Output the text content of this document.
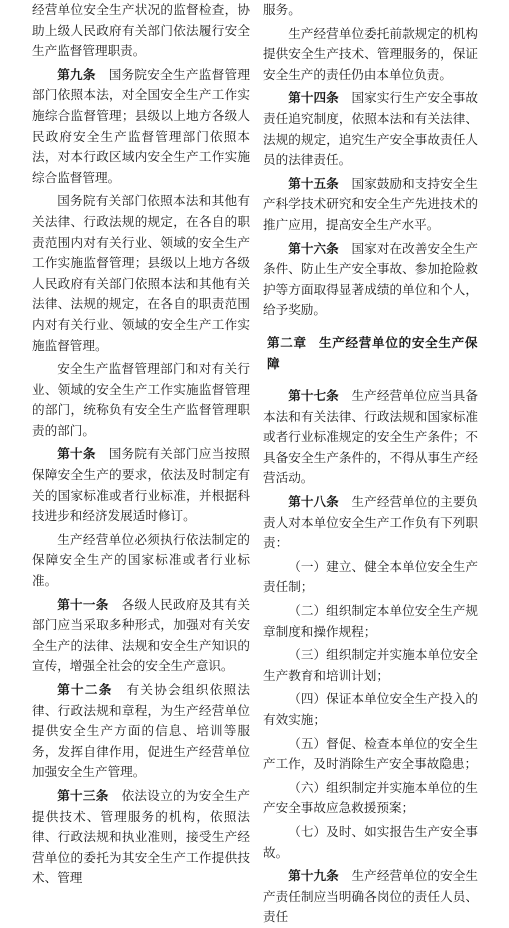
经营单位安全生产状况的监督检查，协助上级人民政府有关部门依法履行安全生产监督管理职责。

第九条　 国务院安全生产监督管理部门依照本法，对全国安全生产工作实施综合监督管理；县级以上地方各级人民政府安全生产监督管理部门依照本法，对本行政区域内安全生产工作实施综合监督管理。

国务院有关部门依照本法和其他有关法律、行政法规的规定，在各自的职责范围内对有关行业、领域的安全生产工作实施监督管理；县级以上地方各级人民政府有关部门依照本法和其他有关法律、法规的规定，在各自的职责范围内对有关行业、领域的安全生产工作实施监督管理。

安全生产监督管理部门和对有关行业、领域的安全生产工作实施监督管理的部门，统称负有安全生产监督管理职责的部门。

第十条　 国务院有关部门应当按照保障安全生产的要求，依法及时制定有关的国家标准或者行业标准，并根据科技进步和经济发展适时修订。

生产经营单位必须执行依法制定的保障安全生产的国家标准或者行业标准。

第十一条　 各级人民政府及其有关部门应当采取多种形式，加强对有关安全生产的法律、法规和安全生产知识的宣传，增强全社会的安全生产意识。

第十二条　 有关协会组织依照法律、行政法规和章程，为生产经营单位提供安全生产方面的信息、培训等服务，发挥自律作用，促进生产经营单位加强安全生产管理。

第十三条　 依法设立的为安全生产提供技术、管理服务的机构，依照法律、行政法规和执业准则，接受生产经营单位的委托为其安全生产工作提供技术、管理

服务。

生产经营单位委托前款规定的机构提供安全生产技术、管理服务的，保证安全生产的责任仍由本单位负责。

第十四条　 国家实行生产安全事故责任追究制度，依照本法和有关法律、法规的规定，追究生产安全事故责任人员的法律责任。

第十五条　 国家鼓励和支持安全生产科学技术研究和安全生产先进技术的推广应用，提高安全生产水平。

第十六条　 国家对在改善安全生产条件、防止生产安全事故、参加抢险救护等方面取得显著成绩的单位和个人，给予奖励。

第二章 生产经营单位的安全生产保障

第十七条　 生产经营单位应当具备本法和有关法律、行政法规和国家标准或者行业标准规定的安全生产条件；不具备安全生产条件的，不得从事生产经营活动。

第十八条　 生产经营单位的主要负责人对本单位安全生产工作负有下列职责：

（一）建立、健全本单位安全生产责任制；

（二）组织制定本单位安全生产规章制度和操作规程；

（三）组织制定并实施本单位安全生产教育和培训计划；

（四）保证本单位安全生产投入的有效实施；

（五）督促、检查本单位的安全生产工作，及时消除生产安全事故隐患；

（六）组织制定并实施本单位的生产安全事故应急救援预案；

（七）及时、如实报告生产安全事故。

第十九条　 生产经营单位的安全生产责任制应当明确各岗位的责任人员、责任
